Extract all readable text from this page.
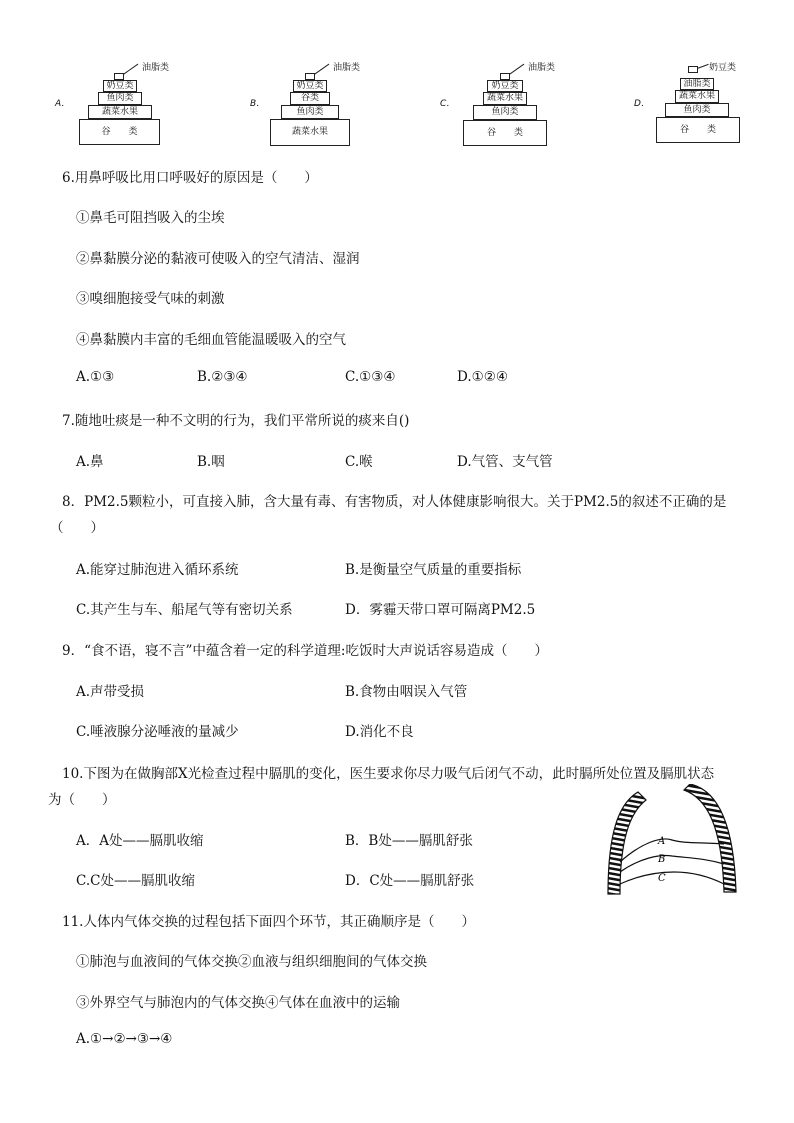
A．
油脂类
奶豆类
鱼肉类
蔬菜水果
谷　　类
B．
油脂类
奶豆类
谷类
鱼肉类
蔬菜水果
C．
油脂类
奶豆类
蔬菜水果
鱼肉类
谷　　类
D．
奶豆类
油脂类
蔬菜水果
鱼肉类
谷　　类
6.用鼻呼吸比用口呼吸好的原因是（　　）
①鼻毛可阻挡吸入的尘埃
②鼻黏膜分泌的黏液可使吸入的空气清洁、湿润
③嗅细胞接受气味的刺激
④鼻黏膜内丰富的毛细血管能温暖吸入的空气
A.①③	B.②③④	C.①③④	D.①②④
7.随地吐痰是一种不文明的行为，我们平常所说的痰来自()
A.鼻	B.咽	C.喉	D.气管、支气管
8．PM2.5颗粒小，可直接入肺，含大量有毒、有害物质，对人体健康影响很大。关于PM2.5的叙述不正确的是
（　　）
A.能穿过肺泡进入循环系统	B.是衡量空气质量的重要指标
C.其产生与车、船尾气等有密切关系	D．雾霾天带口罩可隔离PM2.5
9．“食不语，寝不言”中蕴含着一定的科学道理:吃饭时大声说话容易造成（　　）
A.声带受损	B.食物由咽误入气管
C.唾液腺分泌唾液的量减少	D.消化不良
10.下图为在做胸部X光检查过程中膈肌的变化，医生要求你尽力吸气后闭气不动，此时膈所处位置及膈肌状态
为（　　）
A．A处——膈肌收缩	B．B处——膈肌舒张
C.C处——膈肌收缩	D．C处——膈肌舒张
A
B
C
11.人体内气体交换的过程包括下面四个环节，其正确顺序是（　　）
①肺泡与血液间的气体交换②血液与组织细胞间的气体交换
③外界空气与肺泡内的气体交换④气体在血液中的运输
A.①→②→③→④
